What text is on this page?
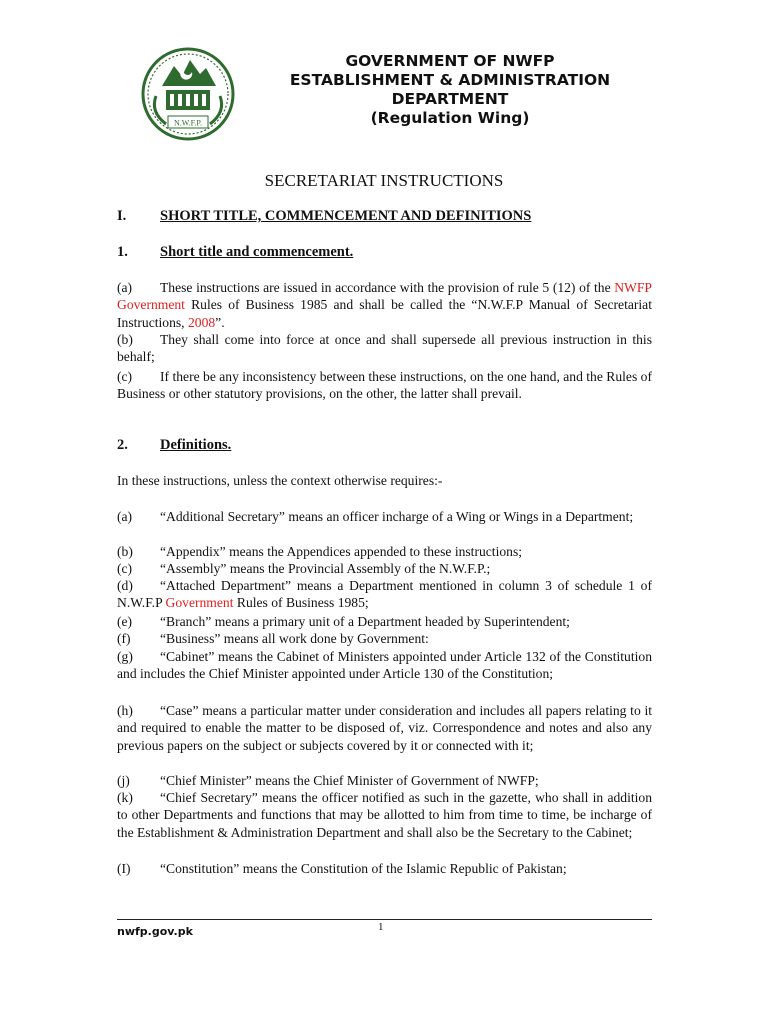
N.W.F.P.
GOVERNMENT OF NWFP
ESTABLISHMENT & ADMINISTRATION
DEPARTMENT
(Regulation Wing)
SECRETARIAT INSTRUCTIONS
I. SHORT TITLE, COMMENCEMENT AND DEFINITIONS
1. Short title and commencement.
(a) These instructions are issued in accordance with the provision of rule 5 (12) of the NWFP Government Rules of Business 1985 and shall be called the “N.W.F.P Manual of Secretariat Instructions, 2008”.
(b) They shall come into force at once and shall supersede all previous instruction in this behalf;
(c) If there be any inconsistency between these instructions, on the one hand, and the Rules of Business or other statutory provisions, on the other, the latter shall prevail.
2. Definitions.
In these instructions, unless the context otherwise requires:-
(a) “Additional Secretary” means an officer incharge of a Wing or Wings in a Department;
(b) “Appendix” means the Appendices appended to these instructions;
(c) “Assembly” means the Provincial Assembly of the N.W.F.P.;
(d) “Attached Department” means a Department mentioned in column 3 of schedule 1 of N.W.F.P Government Rules of Business 1985;
(e) “Branch” means a primary unit of a Department headed by Superintendent;
(f) “Business” means all work done by Government:
(g) “Cabinet” means the Cabinet of Ministers appointed under Article 132 of the Constitution and includes the Chief Minister appointed under Article 130 of the Constitution;
(h) “Case” means a particular matter under consideration and includes all papers relating to it and required to enable the matter to be disposed of, viz. Correspondence and notes and also any previous papers on the subject or subjects covered by it or connected with it;
(j) “Chief Minister” means the Chief Minister of Government of NWFP;
(k) “Chief Secretary” means the officer notified as such in the gazette, who shall in addition to other Departments and functions that may be allotted to him from time to time, be incharge of the Establishment & Administration Department and shall also be the Secretary to the Cabinet;
(I) “Constitution” means the Constitution of the Islamic Republic of Pakistan;
nwfp.gov.pk	1
